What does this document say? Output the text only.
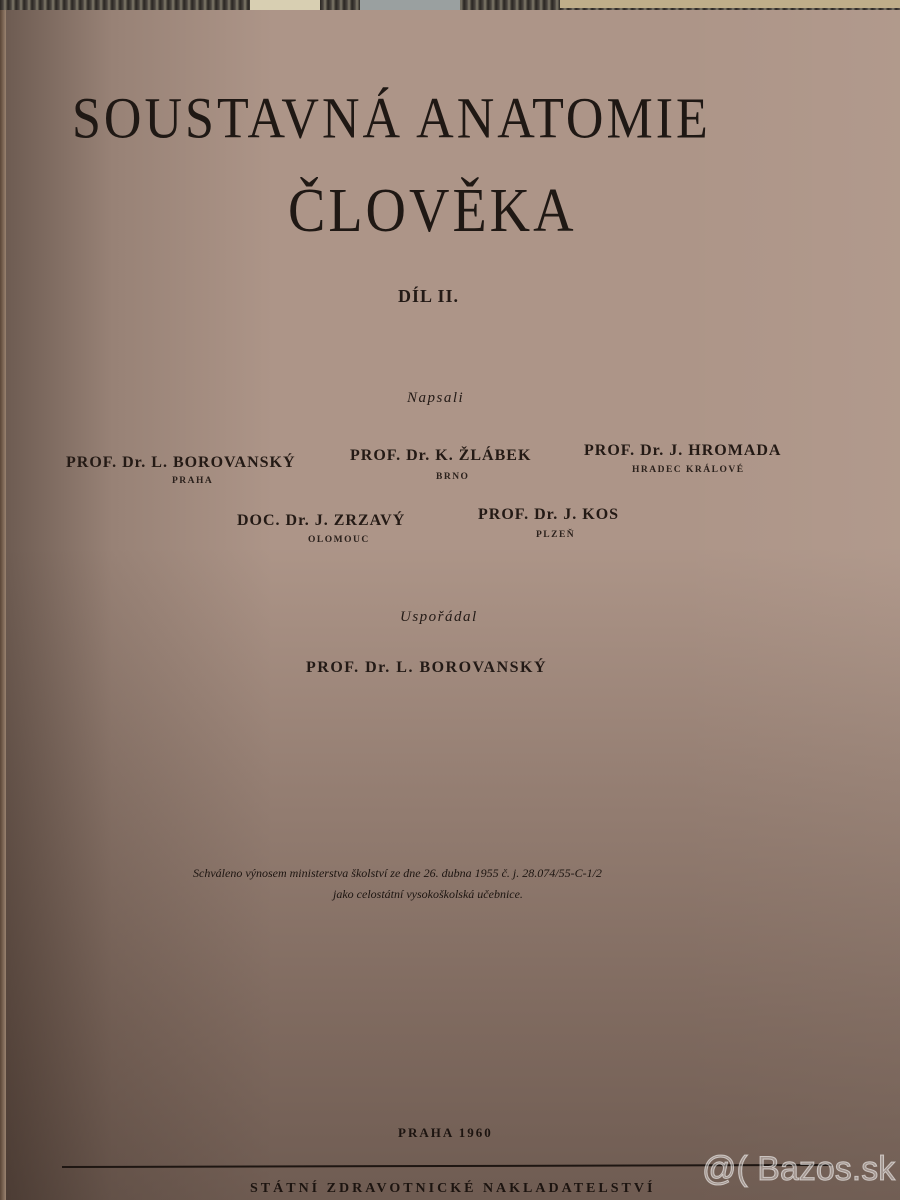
SOUSTAVNÁ ANATOMIE
ČLOVĚKA
DÍL II.
Napsali
PROF. Dr. L. BOROVANSKÝ
PRAHA
PROF. Dr. K. ŽLÁBEK
BRNO
PROF. Dr. J. HROMADA
HRADEC KRÁLOVÉ
DOC. Dr. J. ZRZAVÝ
OLOMOUC
PROF. Dr. J. KOS
PLZEŇ
Uspořádal
PROF. Dr. L. BOROVANSKÝ
Schváleno výnosem ministerstva školství ze dne 26. dubna 1955 č. j. 28.074/55-C-1/2
jako celostátní vysokoškolská učebnice.
PRAHA 1960
STÁTNÍ ZDRAVOTNICKÉ NAKLADATELSTVÍ
@( Bazos.sk
